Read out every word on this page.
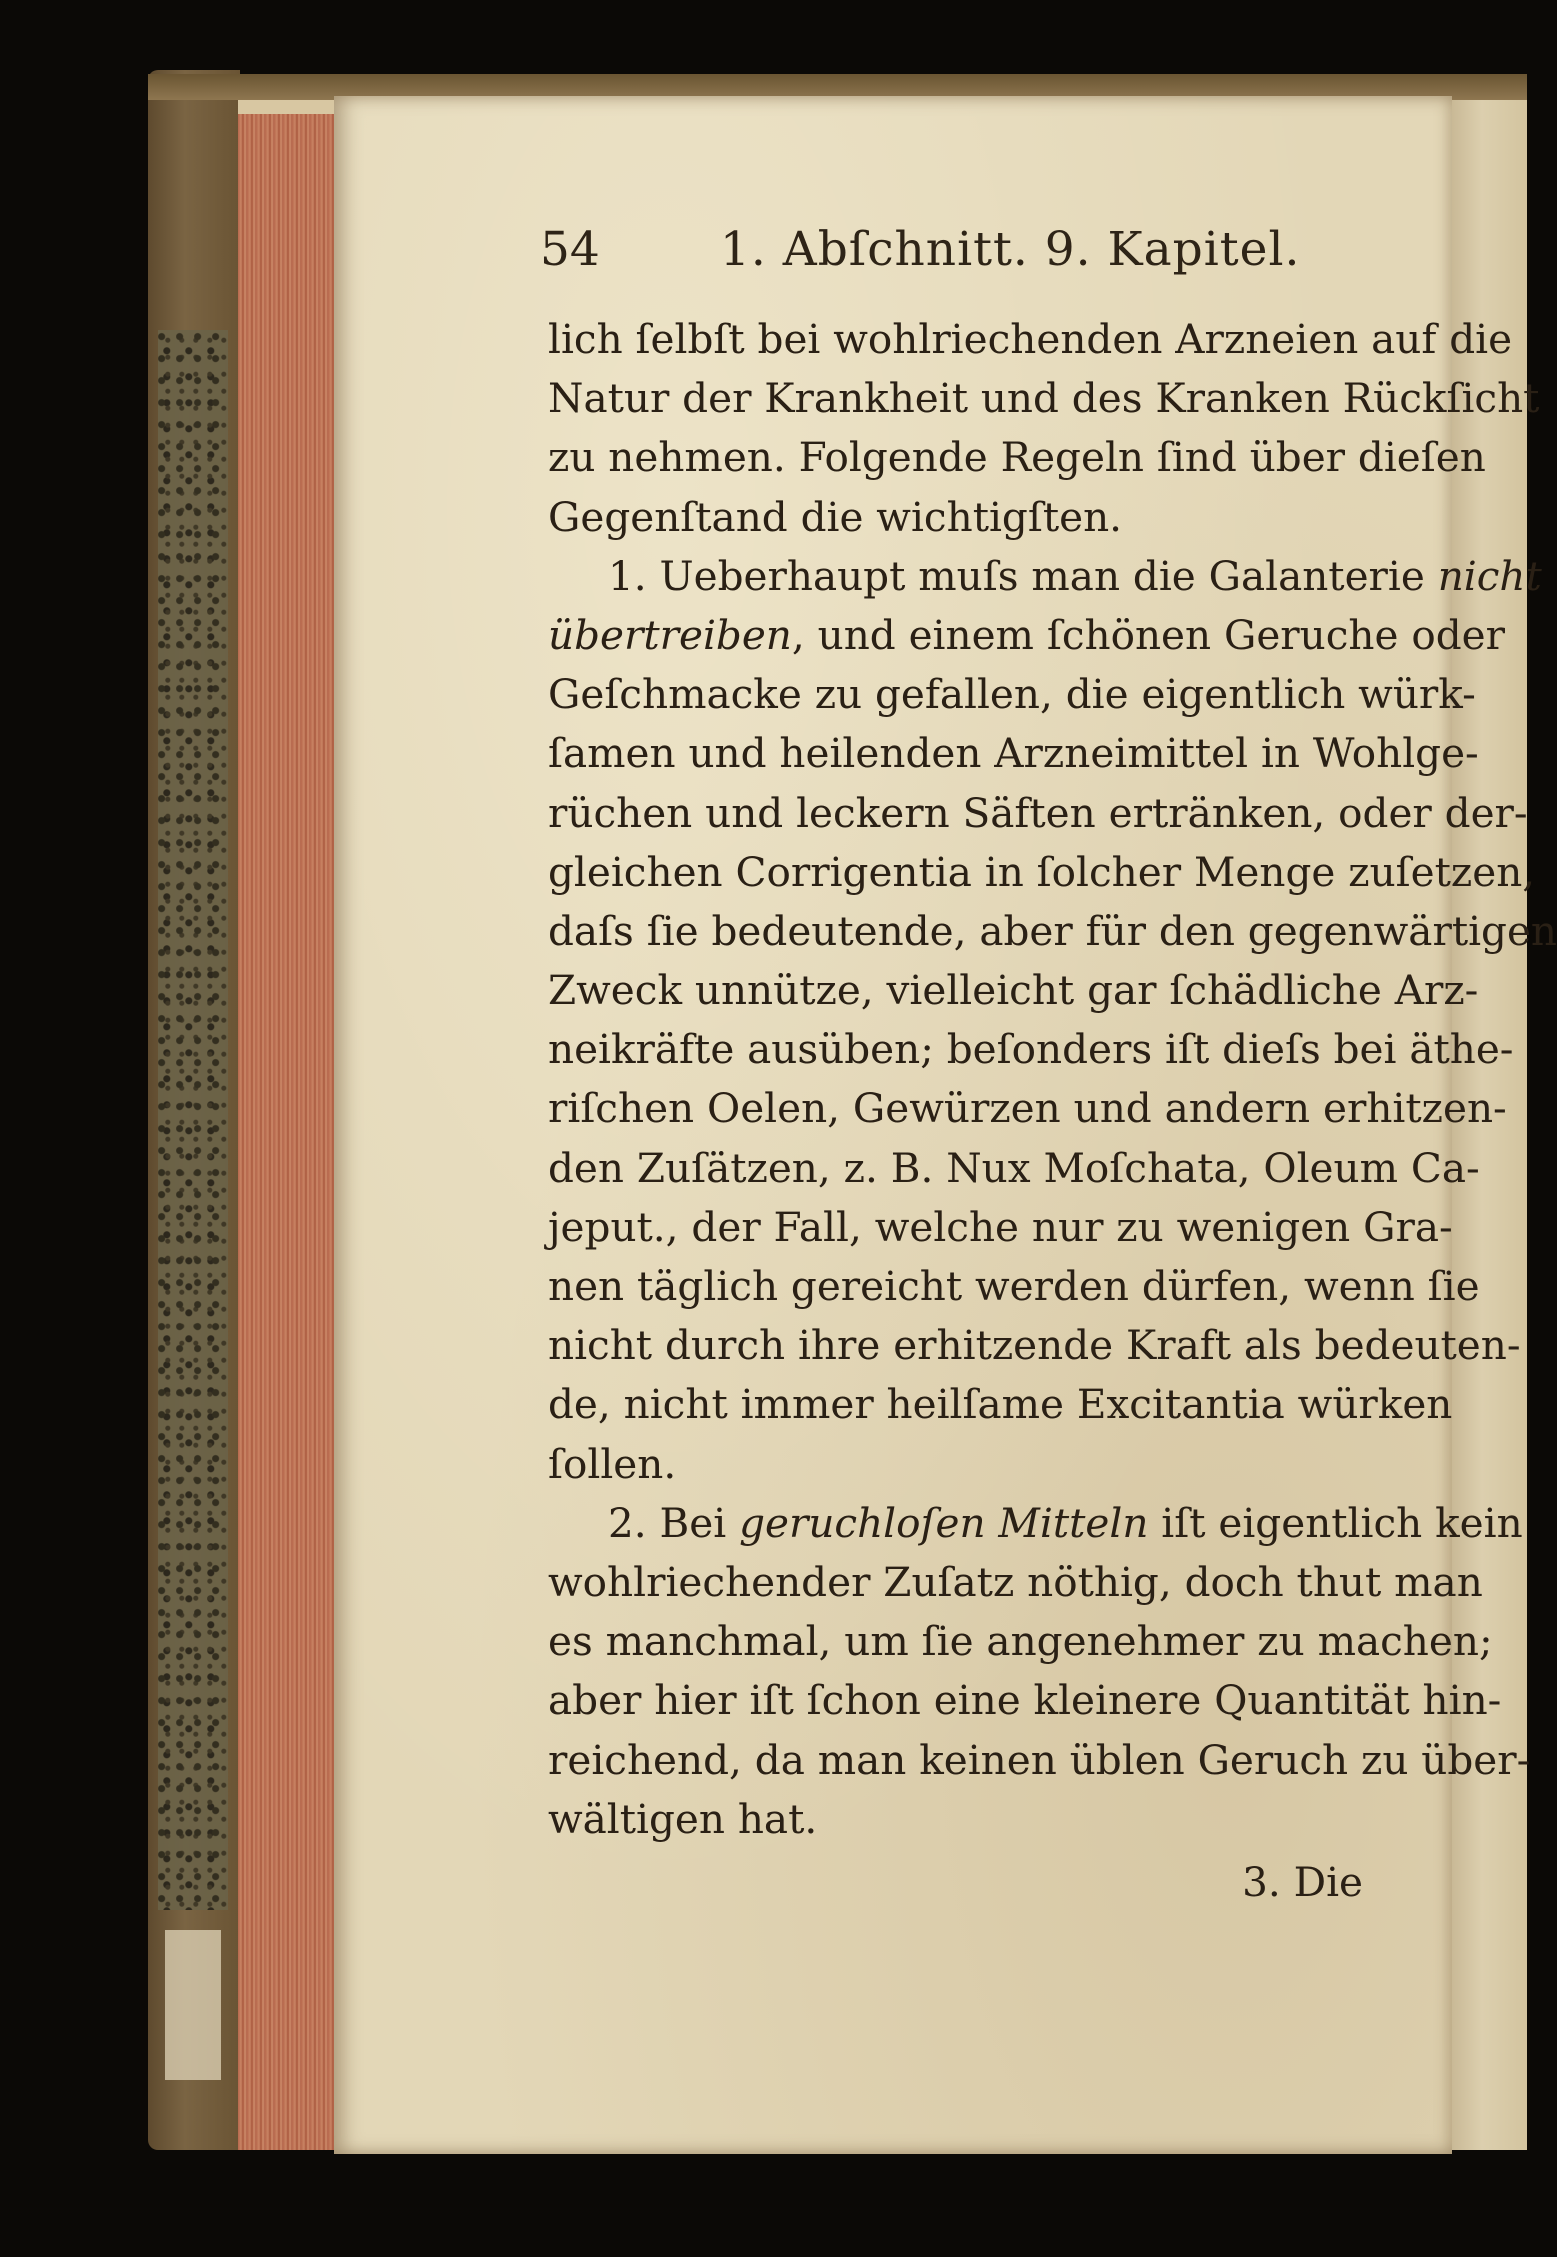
54	1. Abſchnitt. 9. Kapitel.
lich ſelbſt bei wohlriechenden Arzneien auf die
Natur der Krankheit und des Kranken Rückſicht
zu nehmen. Folgende Regeln ſind über dieſen
Gegenſtand die wichtigſten.
1. Ueberhaupt muſs man die Galanterie nicht
übertreiben, und einem ſchönen Geruche oder
Geſchmacke zu gefallen, die eigentlich würk-
ſamen und heilenden Arzneimittel in Wohlge-
rüchen und leckern Säften ertränken, oder der-
gleichen Corrigentia in ſolcher Menge zuſetzen,
daſs ſie bedeutende, aber für den gegenwärtigen
Zweck unnütze, vielleicht gar ſchädliche Arz-
neikräfte ausüben; beſonders iſt dieſs bei äthe-
riſchen Oelen, Gewürzen und andern erhitzen-
den Zuſätzen, z. B. Nux Moſchata, Oleum Ca-
jeput., der Fall, welche nur zu wenigen Gra-
nen täglich gereicht werden dürfen, wenn ſie
nicht durch ihre erhitzende Kraft als bedeuten-
de, nicht immer heilſame Excitantia würken
ſollen.
2. Bei geruchloſen Mitteln iſt eigentlich kein
wohlriechender Zuſatz nöthig, doch thut man
es manchmal, um ſie angenehmer zu machen;
aber hier iſt ſchon eine kleinere Quantität hin-
reichend, da man keinen üblen Geruch zu über-
wältigen hat.
3. Die
